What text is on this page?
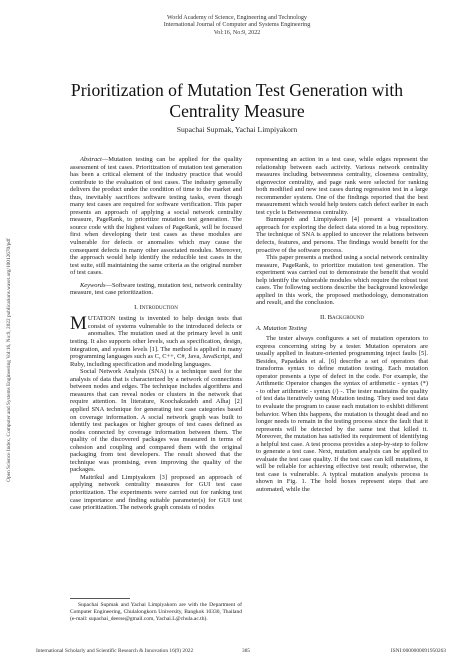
World Academy of Science, Engineering and Technology
International Journal of Computer and Systems Engineering
Vol:16, No:9, 2022
Prioritization of Mutation Test Generation with Centrality Measure
Supachai Supmak, Yachai Limpiyakorn
Open Science Index, Computer and Systems Engineering Vol:16, No:9, 2022 publications.waset.org/10012670/pdf

Abstract—Mutation testing can be applied for the quality assessment of test cases. Prioritization of mutation test generation has been a critical element of the industry practice that would contribute to the evaluation of test cases. The industry generally delivers the product under the condition of time to the market and thus, inevitably sacrifices software testing tasks, even though many test cases are required for software verification. This paper presents an approach of applying a social network centrality measure, PageRank, to prioritize mutation test generation. The source code with the highest values of PageRank, will be focused first when developing their test cases as these modules are vulnerable for defects or anomalies which may cause the consequent defects in many other associated modules. Moreover, the approach would help identify the reducible test cases in the test suite, still maintaining the same criteria as the original number of test cases.

Keywords—Software testing, mutation test, network centrality measure, test case prioritization.

I. Introduction

MUTATION testing is invented to help design tests that consist of systems vulnerable to the introduced defects or anomalies. The mutation used at the primary level is unit testing. It also supports other levels, such as specification, design, integration, and system levels [1]. The method is applied in many programming languages such as C, C++, C#, Java, JavaScript, and Ruby, including specification and modeling languages.

Social Network Analysis (SNA) is a technique used for the analysis of data that is characterized by a network of connections between nodes and edges. The technique includes algorithms and measures that can reveal nodes or clusters in the network that require attention. In literature, Koochakzadeh and Alhaj [2] applied SNA technique for generating test case categories based on coverage information. A social network graph was built to identify test packages or higher groups of test cases defined as nodes connected by coverage information between them. The quality of the discovered packages was measured in terms of cohesion and coupling and compared them with the original packaging from test developers. The result showed that the technique was promising, even improving the quality of the packages.

Maitrikul and Limpiyakorn [3] proposed an approach of applying network centrality measures for GUI test case prioritization. The experiments were carried out for ranking test case importance and finding suitable parameter(s) for GUI test case prioritization. The network graph consists of nodes

representing an action in a test case, while edges represent the relationship between each activity. Various network centrality measures including betweenness centrality, closeness centrality, eigenvector centrality, and page rank were selected for ranking both modified and new test cases during regression test in a large recommender system. One of the findings reported that the best measurement which would help testers catch defect earlier in each test cycle is Betweenness centrality.

Bunmapob and Limpiyakorn [4] present a visualization approach for exploring the defect data stored in a bug repository. The technique of SNA is applied to uncover the relations between defects, features, and persons. The findings would benefit for the proactive of the software process.

This paper presents a method using a social network centrality measure, PageRank, to prioritize mutation test generation. The experiment was carried out to demonstrate the benefit that would help identify the vulnerable modules which require the robust test cases. The following sections describe the background knowledge applied in this work, the proposed methodology, demonstration and result, and the conclusion.

II. Background
A. Mutation Testing

The tester always configures a set of mutation operators to express concerning string by a tester. Mutation operators are usually applied in feature-oriented programming inject faults [5]. Besides, Papadakis et al. [6] describe a set of operators that transforms syntax to define mutation testing. Each mutation operator presents a type of defect in the code. For example, the Arithmetic Operator changes the syntax of arithmetic - syntax (*) - to other arithmetic - syntax (/) -. The tester maintains the quality of test data iteratively using Mutation testing. They used test data to evaluate the program to cause each mutation to exhibit different behavior. When this happens, the mutation is thought dead and no longer needs to remain in the testing process since the fault that it represents will be detected by the same test that killed it. Moreover, the mutation has satisfied its requirement of identifying a helpful test case. A test process provides a step-by-step to follow to generate a test case. Next, mutation analysis can be applied to evaluate the test case quality. If the test case can kill mutations, it will be reliable for achieving effective test result; otherwise, the test case is vulnerable. A typical mutation analysis process is shown in Fig. 1. The bold boxes represent steps that are automated, while the

Supachai Supmak and Yachai Limpiyakorn are with the Department of Computer Engineering, Chulalongkorn University, Bangkok 10330, Thailand (e-mail: supachai_deerse@gmail.com, Yachai.L@chula.ac.th).
International Scholarly and Scientific Research & Innovation 16(9) 2022	385	ISNI:0000000091950263
